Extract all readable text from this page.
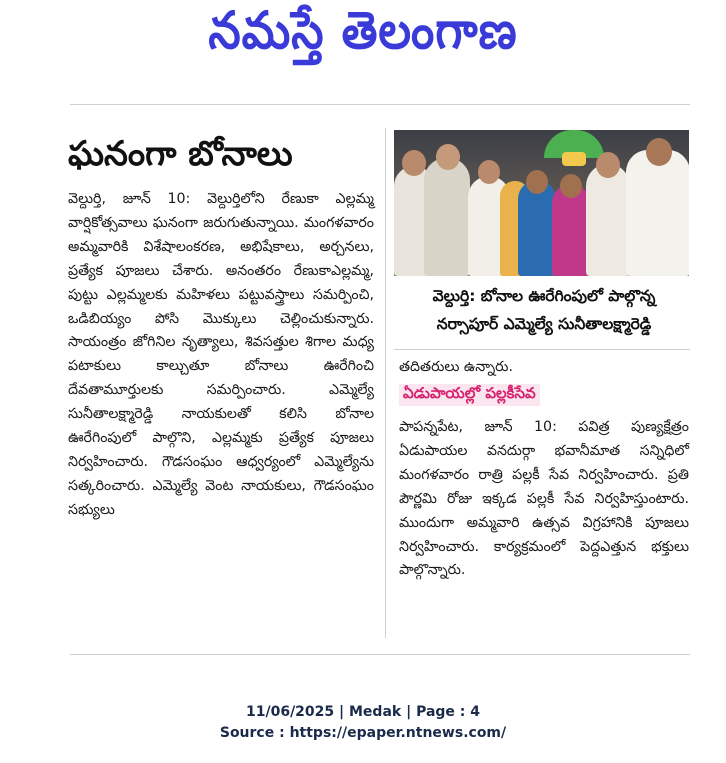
నమస్తే తెలంగాణ
ఘనంగా బోనాలు

వెల్దుర్తి, జూన్ 10: వెల్దుర్తిలోని రేణుకా ఎల్లమ్మ వార్షికోత్సవాలు ఘనంగా జరుగుతున్నాయి. మంగళవారం అమ్మవారికి విశేషాలంకరణ, అభిషేకాలు, అర్చనలు, ప్రత్యేక పూజలు చేశారు. అనంతరం రేణుకాఎల్లమ్మ, పుట్టు ఎల్లమ్మలకు మహిళలు పట్టువస్త్రాలు సమర్పించి, ఒడిబియ్యం పోసి మొక్కులు చెల్లించుకున్నారు. సాయంత్రం జోగినిల నృత్యాలు, శివసత్తుల శిగాల మధ్య పటాకులు కాల్చుతూ బోనాలు ఊరేగించి దేవతామూర్తులకు సమర్పించారు. ఎమ్మెల్యే సునీతాలక్ష్మారెడ్డి నాయకులతో కలిసి బోనాల ఊరేగింపులో పాల్గొని, ఎల్లమ్మకు ప్రత్యేక పూజలు నిర్వహించారు. గౌడసంఘం ఆధ్వర్యంలో ఎమ్మెల్యేను సత్కరించారు. ఎమ్మెల్యే వెంట నాయకులు, గౌడసంఘం సభ్యులు

వెల్దుర్తి: బోనాల ఊరేగింపులో పాల్గొన్న
నర్సాపూర్ ఎమ్మెల్యే సునీతాలక్ష్మారెడ్డి

తదితరులు ఉన్నారు.

ఏడుపాయల్లో పల్లకీసేవ

పాపన్నపేట, జూన్ 10: పవిత్ర పుణ్యక్షేత్రం ఏడుపాయల వనదుర్గా భవానీమాత సన్నిధిలో మంగళవారం రాత్రి పల్లకీ సేవ నిర్వహించారు. ప్రతి పౌర్ణమి రోజు ఇక్కడ పల్లకీ సేవ నిర్వహిస్తుంటారు. ముందుగా అమ్మవారి ఉత్సవ విగ్రహానికి పూజలు నిర్వహించారు. కార్యక్రమంలో పెద్దఎత్తున భక్తులు పాల్గొన్నారు.

11/06/2025 | Medak | Page : 4
Source : https://epaper.ntnews.com/
